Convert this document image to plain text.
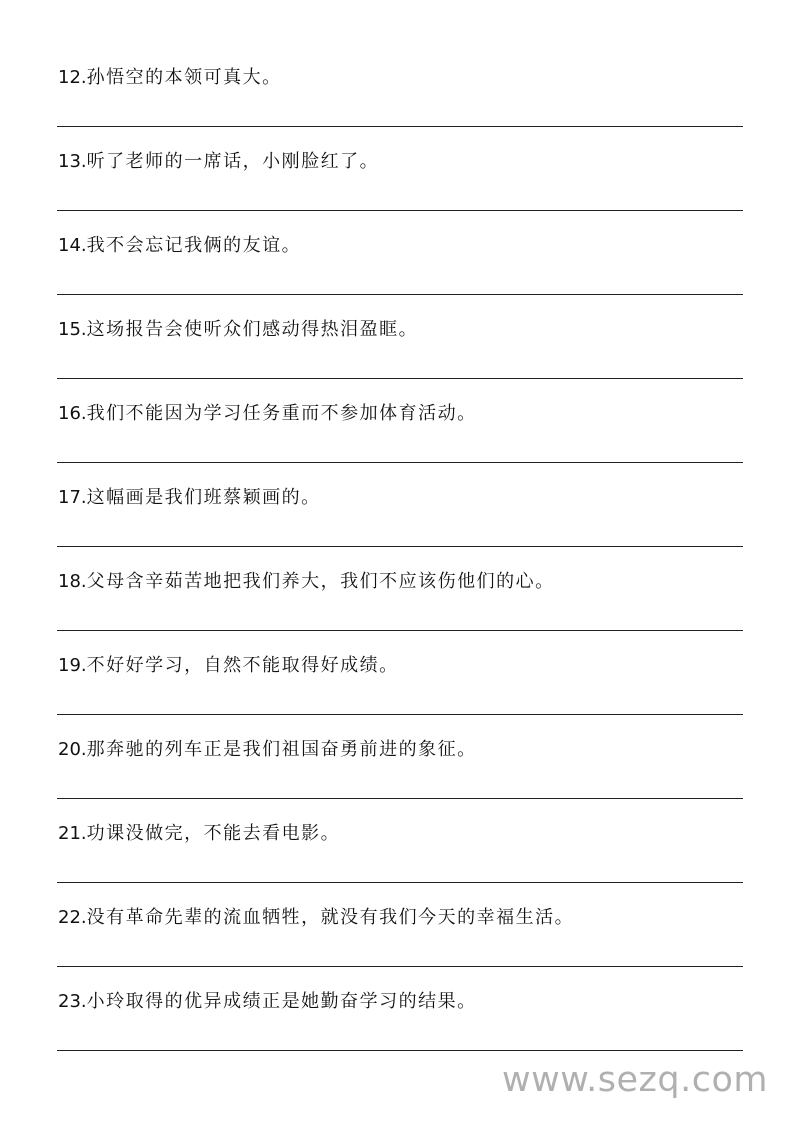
12.孙悟空的本领可真大。
13.听了老师的一席话，小刚脸红了。
14.我不会忘记我俩的友谊。
15.这场报告会使听众们感动得热泪盈眶。
16.我们不能因为学习任务重而不参加体育活动。
17.这幅画是我们班蔡颖画的。
18.父母含辛茹苦地把我们养大，我们不应该伤他们的心。
19.不好好学习，自然不能取得好成绩。
20.那奔驰的列车正是我们祖国奋勇前进的象征。
21.功课没做完，不能去看电影。
22.没有革命先辈的流血牺牲，就没有我们今天的幸福生活。
23.小玲取得的优异成绩正是她勤奋学习的结果。
www.sezq.com
